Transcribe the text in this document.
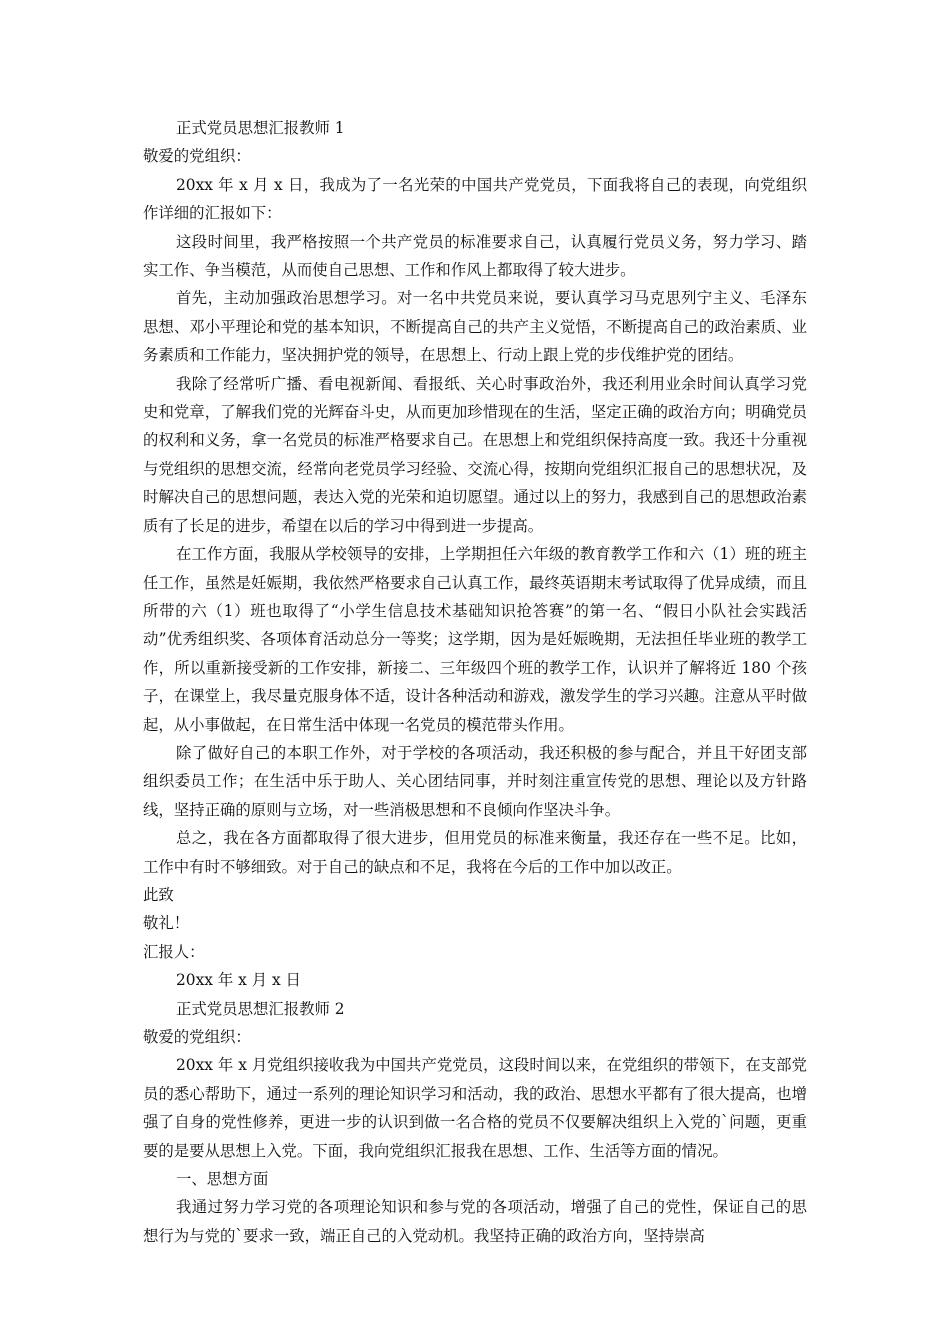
正式党员思想汇报教师 1

敬爱的党组织：

20xx 年 x 月 x 日，我成为了一名光荣的中国共产党党员，下面我将自己的表现，向党组织作详细的汇报如下：

这段时间里，我严格按照一个共产党员的标准要求自己，认真履行党员义务，努力学习、踏实工作、争当模范，从而使自己思想、工作和作风上都取得了较大进步。

首先，主动加强政治思想学习。对一名中共党员来说，要认真学习马克思列宁主义、毛泽东思想、邓小平理论和党的基本知识，不断提高自己的共产主义觉悟，不断提高自己的政治素质、业务素质和工作能力，坚决拥护党的领导，在思想上、行动上跟上党的步伐维护党的团结。

我除了经常听广播、看电视新闻、看报纸、关心时事政治外，我还利用业余时间认真学习党史和党章，了解我们党的光辉奋斗史，从而更加珍惜现在的生活，坚定正确的政治方向；明确党员的权利和义务，拿一名党员的标准严格要求自己。在思想上和党组织保持高度一致。我还十分重视与党组织的思想交流，经常向老党员学习经验、交流心得，按期向党组织汇报自己的思想状况，及时解决自己的思想问题，表达入党的光荣和迫切愿望。通过以上的努力，我感到自己的思想政治素质有了长足的进步，希望在以后的学习中得到进一步提高。

在工作方面，我服从学校领导的安排，上学期担任六年级的教育教学工作和六（1）班的班主任工作，虽然是妊娠期，我依然严格要求自己认真工作，最终英语期末考试取得了优异成绩，而且所带的六（1）班也取得了“小学生信息技术基础知识抢答赛”的第一名、“假日小队社会实践活动”优秀组织奖、各项体育活动总分一等奖；这学期，因为是妊娠晚期，无法担任毕业班的教学工作，所以重新接受新的工作安排，新接二、三年级四个班的教学工作，认识并了解将近 180 个孩子，在课堂上，我尽量克服身体不适，设计各种活动和游戏，激发学生的学习兴趣。注意从平时做起，从小事做起，在日常生活中体现一名党员的模范带头作用。

除了做好自己的本职工作外，对于学校的各项活动，我还积极的参与配合，并且干好团支部组织委员工作；在生活中乐于助人、关心团结同事，并时刻注重宣传党的思想、理论以及方针路线，坚持正确的原则与立场，对一些消极思想和不良倾向作坚决斗争。

总之，我在各方面都取得了很大进步，但用党员的标准来衡量，我还存在一些不足。比如，工作中有时不够细致。对于自己的缺点和不足，我将在今后的工作中加以改正。

此致

敬礼！

汇报人：

20xx 年 x 月 x 日

正式党员思想汇报教师 2

敬爱的党组织：

20xx 年 x 月党组织接收我为中国共产党党员，这段时间以来，在党组织的带领下，在支部党员的悉心帮助下，通过一系列的理论知识学习和活动，我的政治、思想水平都有了很大提高，也增强了自身的党性修养，更进一步的认识到做一名合格的党员不仅要解决组织上入党的`问题，更重要的是要从思想上入党。下面，我向党组织汇报我在思想、工作、生活等方面的情况。

一、思想方面

我通过努力学习党的各项理论知识和参与党的各项活动，增强了自己的党性，保证自己的思想行为与党的`要求一致，端正自己的入党动机。我坚持正确的政治方向，坚持崇高
